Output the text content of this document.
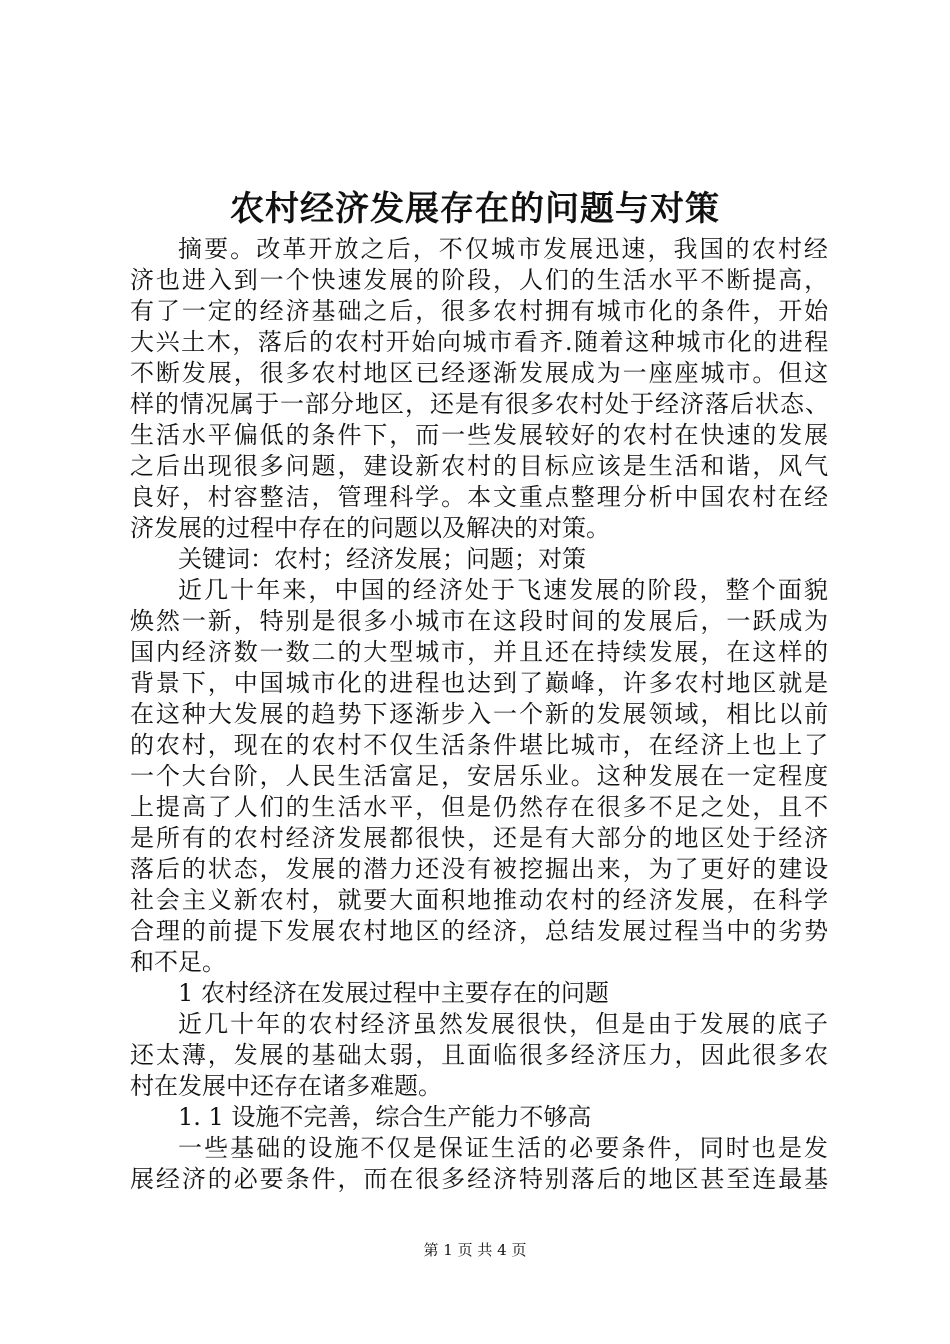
农村经济发展存在的问题与对策
摘要。改革开放之后，不仅城市发展迅速，我国的农村经
济也进入到一个快速发展的阶段，人们的生活水平不断提高，
有了一定的经济基础之后，很多农村拥有城市化的条件，开始
大兴土木，落后的农村开始向城市看齐.随着这种城市化的进程
不断发展，很多农村地区已经逐渐发展成为一座座城市。但这
样的情况属于一部分地区，还是有很多农村处于经济落后状态、
生活水平偏低的条件下，而一些发展较好的农村在快速的发展
之后出现很多问题，建设新农村的目标应该是生活和谐，风气
良好，村容整洁，管理科学。本文重点整理分析中国农村在经
济发展的过程中存在的问题以及解决的对策。
关键词：农村；经济发展；问题；对策
近几十年来，中国的经济处于飞速发展的阶段，整个面貌
焕然一新，特别是很多小城市在这段时间的发展后，一跃成为
国内经济数一数二的大型城市，并且还在持续发展，在这样的
背景下，中国城市化的进程也达到了巅峰，许多农村地区就是
在这种大发展的趋势下逐渐步入一个新的发展领域，相比以前
的农村，现在的农村不仅生活条件堪比城市，在经济上也上了
一个大台阶，人民生活富足，安居乐业。这种发展在一定程度
上提高了人们的生活水平，但是仍然存在很多不足之处，且不
是所有的农村经济发展都很快，还是有大部分的地区处于经济
落后的状态，发展的潜力还没有被挖掘出来，为了更好的建设
社会主义新农村，就要大面积地推动农村的经济发展，在科学
合理的前提下发展农村地区的经济，总结发展过程当中的劣势
和不足。
1 农村经济在发展过程中主要存在的问题
近几十年的农村经济虽然发展很快，但是由于发展的底子
还太薄，发展的基础太弱，且面临很多经济压力，因此很多农
村在发展中还存在诸多难题。
1. 1 设施不完善，综合生产能力不够高
一些基础的设施不仅是保证生活的必要条件，同时也是发
展经济的必要条件，而在很多经济特别落后的地区甚至连最基
第 1 页 共 4 页
